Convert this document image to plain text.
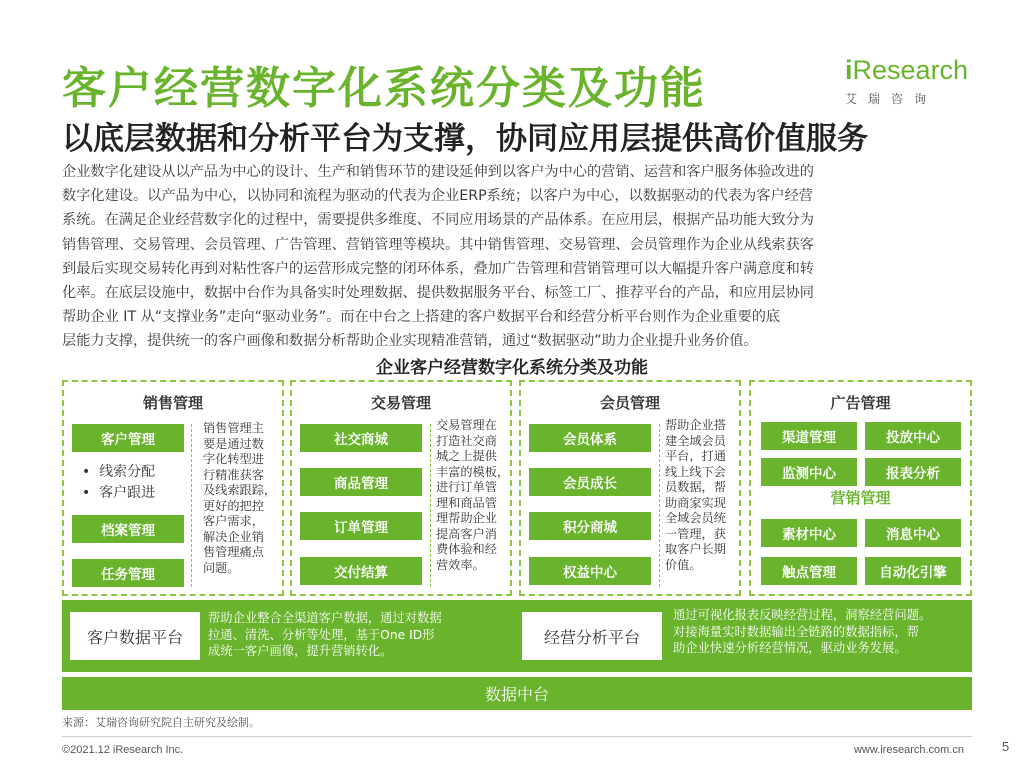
客户经营数字化系统分类及功能
以底层数据和分析平台为支撑，协同应用层提供高价值服务
iResearch
艾瑞咨询

企业数字化建设从以产品为中心的设计、生产和销售环节的建设延伸到以客户为中心的营销、运营和客户服务体验改进的

数字化建设。以产品为中心，以协同和流程为驱动的代表为企业ERP系统；以客户为中心，以数据驱动的代表为客户经营

系统。在满足企业经营数字化的过程中，需要提供多维度、不同应用场景的产品体系。在应用层，根据产品功能大致分为

销售管理、交易管理、会员管理、广告管理、营销管理等模块。其中销售管理、交易管理、会员管理作为企业从线索获客

到最后实现交易转化再到对粘性客户的运营形成完整的闭环体系，叠加广告管理和营销管理可以大幅提升客户满意度和转

化率。在底层设施中，数据中台作为具备实时处理数据、提供数据服务平台、标签工厂、推荐平台的产品，和应用层协同

帮助企业 IT 从“支撑业务”走向“驱动业务”。而在中台之上搭建的客户数据平台和经营分析平台则作为企业重要的底

层能力支撑，提供统一的客户画像和数据分析帮助企业实现精准营销，通过“数据驱动”助力企业提升业务价值。

企业客户经营数字化系统分类及功能
销售管理
客户管理
•  线索分配
•  客户跟进
档案管理
任务管理
销售管理主
要是通过数
字化转型进
行精准获客
及线索跟踪，
更好的把控
客户需求，
解决企业销
售管理痛点
问题。
交易管理
社交商城
商品管理
订单管理
交付结算
交易管理在
打造社交商
城之上提供
丰富的模板，
进行订单管
理和商品管
理帮助企业
提高客户消
费体验和经
营效率。
会员管理
会员体系
会员成长
积分商城
权益中心
帮助企业搭
建全域会员
平台，打通
线上线下会
员数据，帮
助商家实现
全域会员统
一管理，获
取客户长期
价值。
广告管理
渠道管理	投放中心
监测中心	报表分析
营销管理
素材中心	消息中心
触点管理	自动化引擎
客户数据平台
帮助企业整合全渠道客户数据，通过对数据
拉通、清洗、分析等处理，基于One ID形
成统一客户画像，提升营销转化。
经营分析平台
通过可视化报表反映经营过程，洞察经营问题。
对接海量实时数据输出全链路的数据指标，帮
助企业快速分析经营情况，驱动业务发展。
数据中台
来源：艾瑞咨询研究院自主研究及绘制。
©2021.12 iResearch Inc.	www.iresearch.com.cn	5
